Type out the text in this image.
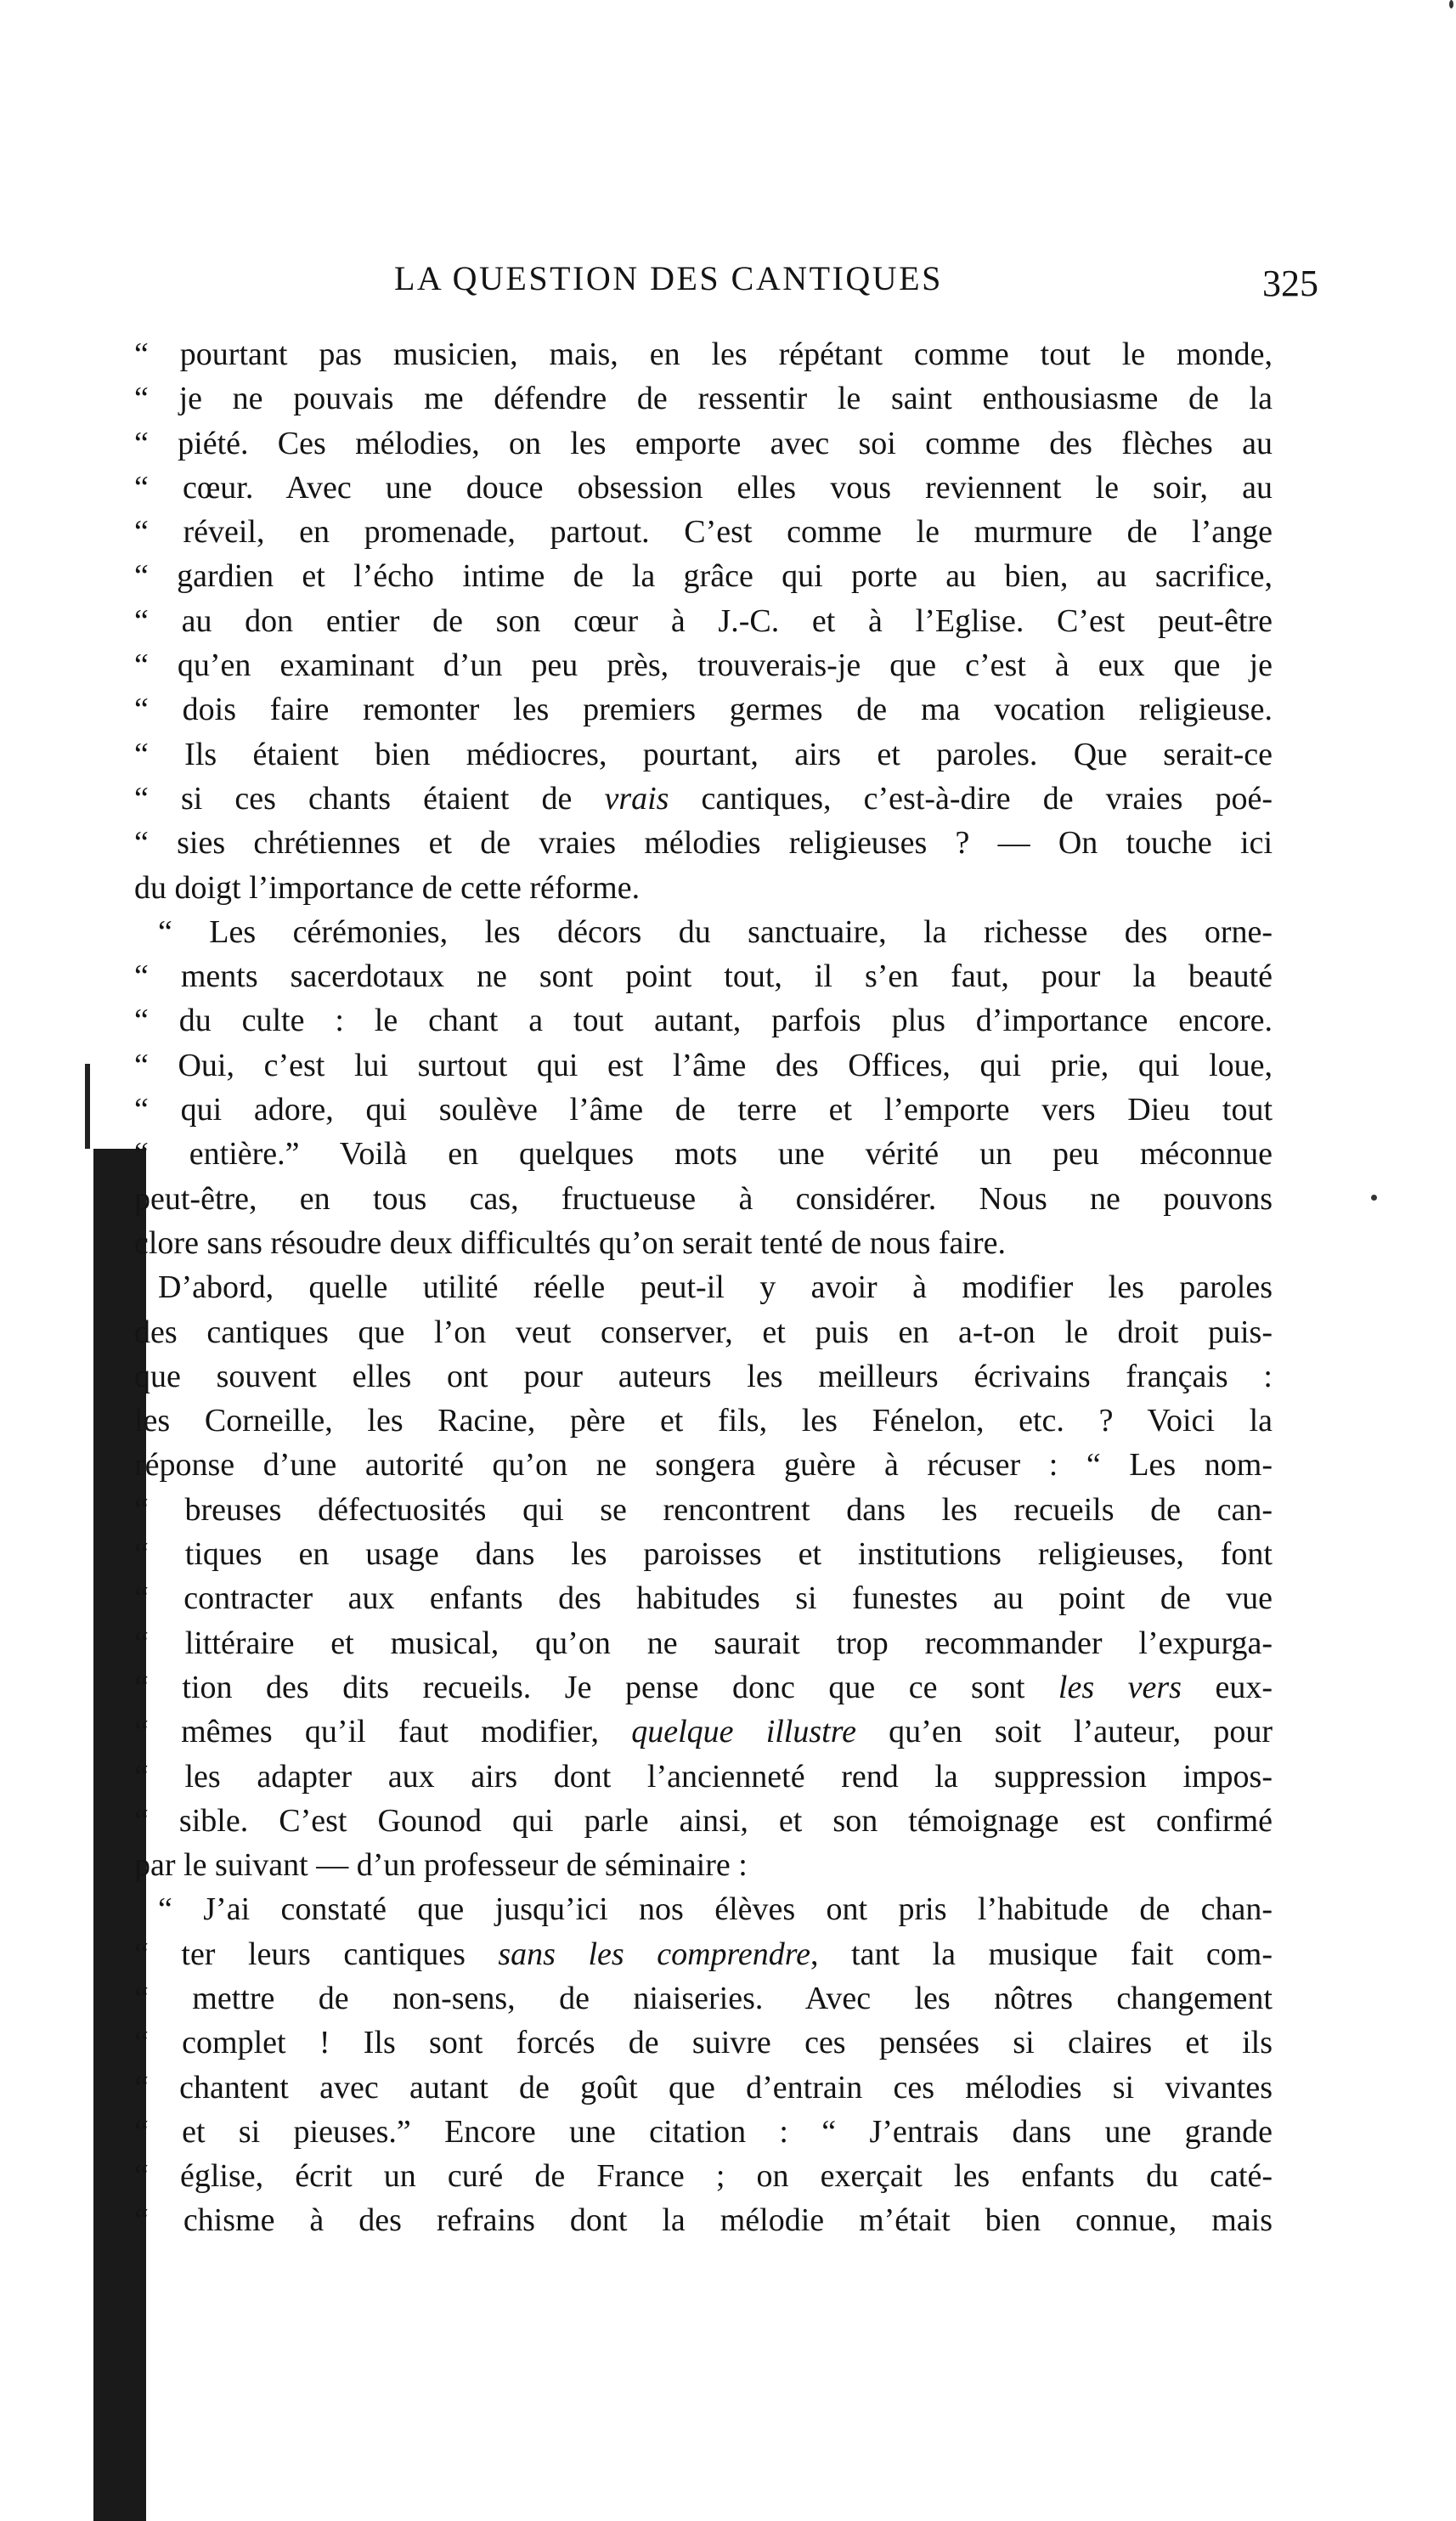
LA QUESTION DES CANTIQUES	325
“ pourtant pas musicien, mais, en les répétant comme tout le monde,
“ je ne pouvais me défendre de ressentir le saint enthousiasme de la
“ piété. Ces mélodies, on les emporte avec soi comme des flèches au
“ cœur. Avec une douce obsession elles vous reviennent le soir, au
“ réveil, en promenade, partout. C’est comme le murmure de l’ange
“ gardien et l’écho intime de la grâce qui porte au bien, au sacrifice,
“ au don entier de son cœur à J.-C. et à l’Eglise. C’est peut-être
“ qu’en examinant d’un peu près, trouverais-je que c’est à eux que je
“ dois faire remonter les premiers germes de ma vocation religieuse.
“ Ils étaient bien médiocres, pourtant, airs et paroles. Que serait-ce
“ si ces chants étaient de vrais cantiques, c’est-à-dire de vraies poé-
“ sies chrétiennes et de vraies mélodies religieuses ? — On touche ici
du doigt l’importance de cette réforme.
“ Les cérémonies, les décors du sanctuaire, la richesse des orne-
“ ments sacerdotaux ne sont point tout, il s’en faut, pour la beauté
“ du culte : le chant a tout autant, parfois plus d’importance encore.
“ Oui, c’est lui surtout qui est l’âme des Offices, qui prie, qui loue,
“ qui adore, qui soulève l’âme de terre et l’emporte vers Dieu tout
“ entière.” Voilà en quelques mots une vérité un peu méconnue
peut-être, en tous cas, fructueuse à considérer. Nous ne pouvons
clore sans résoudre deux difficultés qu’on serait tenté de nous faire.
D’abord, quelle utilité réelle peut-il y avoir à modifier les paroles
des cantiques que l’on veut conserver, et puis en a-t-on le droit puis-
que souvent elles ont pour auteurs les meilleurs écrivains français :
les Corneille, les Racine, père et fils, les Fénelon, etc. ? Voici la
réponse d’une autorité qu’on ne songera guère à récuser : “ Les nom-
“ breuses défectuosités qui se rencontrent dans les recueils de can-
“ tiques en usage dans les paroisses et institutions religieuses, font
“ contracter aux enfants des habitudes si funestes au point de vue
“ littéraire et musical, qu’on ne saurait trop recommander l’expurga-
“ tion des dits recueils. Je pense donc que ce sont les vers eux-
“ mêmes qu’il faut modifier, quelque illustre qu’en soit l’auteur, pour
“ les adapter aux airs dont l’ancienneté rend la suppression impos-
“ sible. C’est Gounod qui parle ainsi, et son témoignage est confirmé
par le suivant — d’un professeur de séminaire :
“ J’ai constaté que jusqu’ici nos élèves ont pris l’habitude de chan-
“ ter leurs cantiques sans les comprendre, tant la musique fait com-
“ mettre de non-sens, de niaiseries. Avec les nôtres changement
“ complet ! Ils sont forcés de suivre ces pensées si claires et ils
“ chantent avec autant de goût que d’entrain ces mélodies si vivantes
“ et si pieuses.” Encore une citation : “ J’entrais dans une grande
“ église, écrit un curé de France ; on exerçait les enfants du caté-
“ chisme à des refrains dont la mélodie m’était bien connue, mais
